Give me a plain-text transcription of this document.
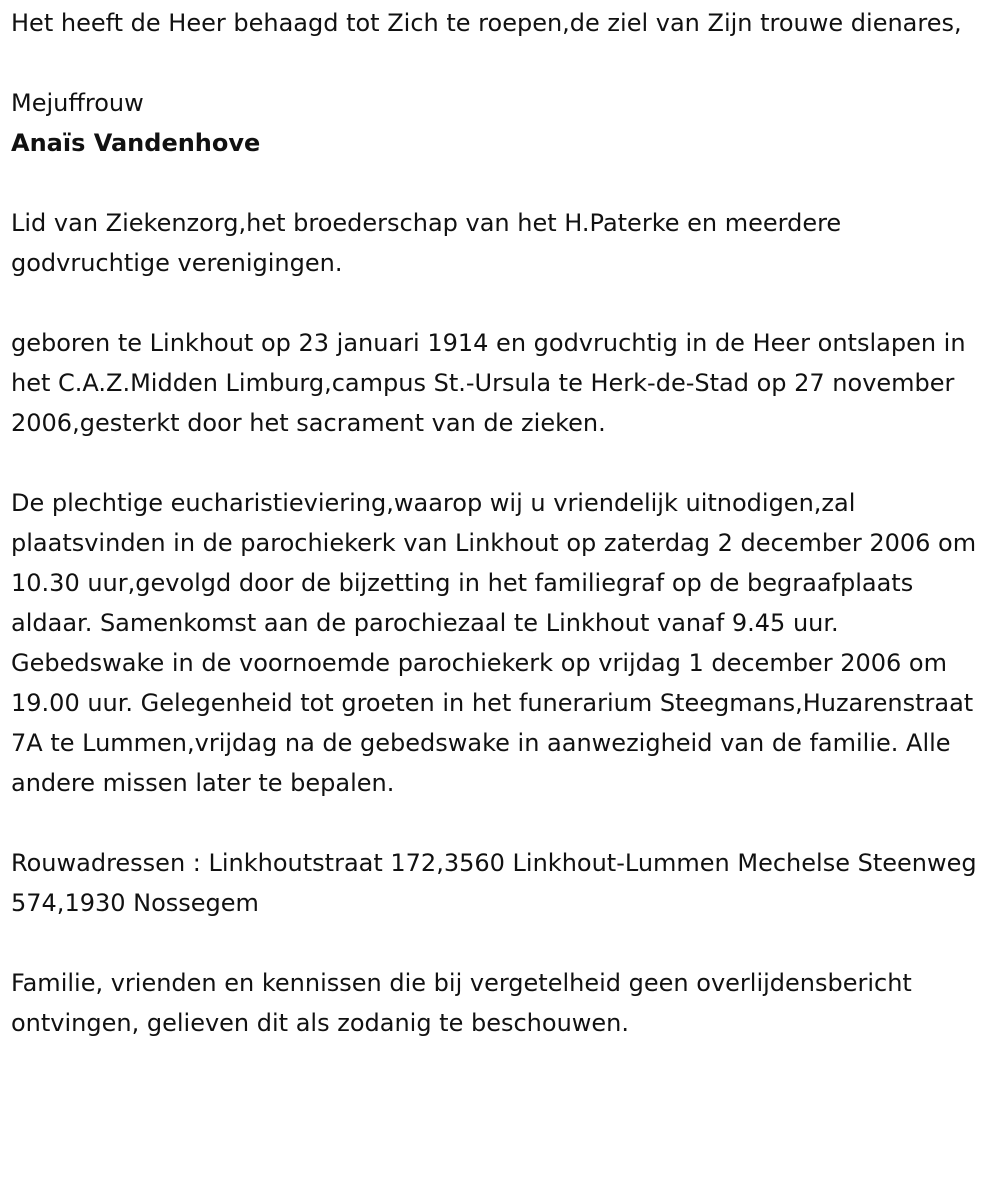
Het heeft de Heer behaagd tot Zich te roepen,de ziel van Zijn trouwe dienares,

Mejuffrouw

Anaïs Vandenhove

Lid van Ziekenzorg,het broederschap van het H.Paterke en meerdere godvruchtige verenigingen.

geboren te Linkhout op 23 januari 1914 en godvruchtig in de Heer ontslapen in het C.A.Z.Midden Limburg,campus St.-Ursula te Herk-de-Stad op 27 november 2006,gesterkt door het sacrament van de zieken.

De plechtige eucharistieviering,waarop wij u vriendelijk uitnodigen,zal plaatsvinden in de parochiekerk van Linkhout op zaterdag 2 december 2006 om 10.30 uur,gevolgd door de bijzetting in het familiegraf op de begraafplaats aldaar. Samenkomst aan de parochiezaal te Linkhout vanaf 9.45 uur. Gebedswake in de voornoemde parochiekerk op vrijdag 1 december 2006 om 19.00 uur. Gelegenheid tot groeten in het funerarium Steegmans,Huzarenstraat 7A te Lummen,vrijdag na de gebedswake in aanwezigheid van de familie. Alle andere missen later te bepalen.

Rouwadressen : Linkhoutstraat 172,3560 Linkhout-Lummen Mechelse Steenweg 574,1930 Nossegem

Familie, vrienden en kennissen die bij vergetelheid geen overlijdensbericht ontvingen, gelieven dit als zodanig te beschouwen.
